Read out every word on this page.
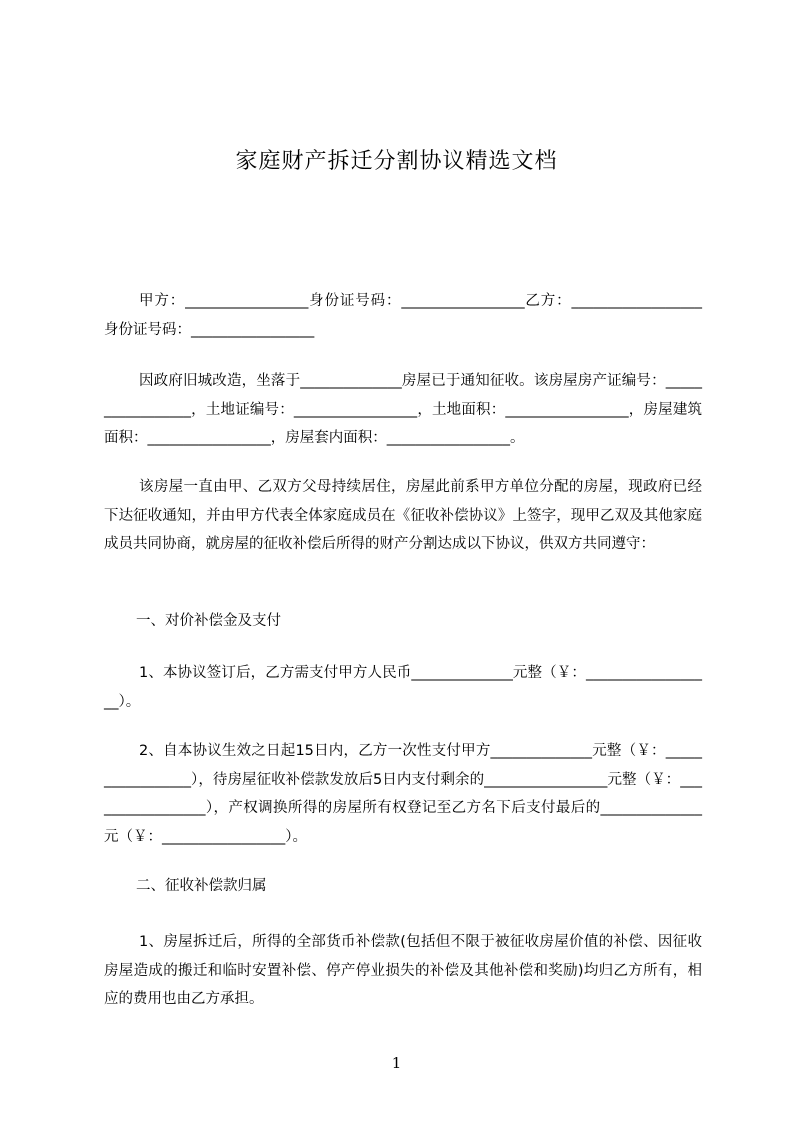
家庭财产拆迁分割协议精选文档
甲方：_________________身份证号码：_________________乙方：__________________身份证号码：_________________
因政府旧城改造，坐落于______________房屋已于通知征收。该房屋房产证编号：_________________，土地证编号：_________________，土地面积：_________________，房屋建筑面积：_________________，房屋套内面积：_________________。
该房屋一直由甲、乙双方父母持续居住，房屋此前系甲方单位分配的房屋，现政府已经下达征收通知，并由甲方代表全体家庭成员在《征收补偿协议》上签字，现甲乙双及其他家庭成员共同协商，就房屋的征收补偿后所得的财产分割达成以下协议，供双方共同遵守：
一、对价补偿金及支付
1、本协议签订后，乙方需支付甲方人民币______________元整（￥：__________________）。
2、自本协议生效之日起15日内，乙方一次性支付甲方______________元整（￥：_________________），待房屋征收补偿款发放后5日内支付剩余的_________________元整（￥：_________________），产权调换所得的房屋所有权登记至乙方名下后支付最后的______________元（￥：_________________）。
二、征收补偿款归属
1、房屋拆迁后，所得的全部货币补偿款(包括但不限于被征收房屋价值的补偿、因征收房屋造成的搬迁和临时安置补偿、停产停业损失的补偿及其他补偿和奖励)均归乙方所有，相应的费用也由乙方承担。
1
